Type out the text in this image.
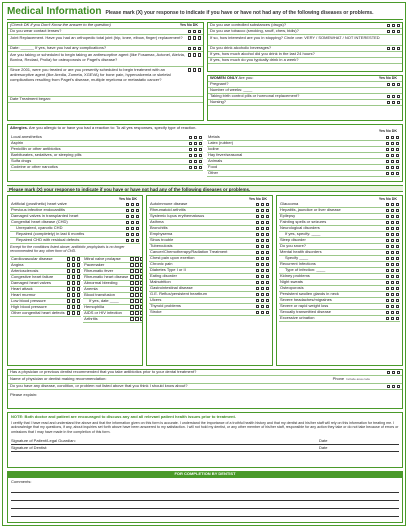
Medical Information Please mark (X) your response to indicate if you have or have not had any of the following diseases or problems.
(Check DK if you Don't Know the answer to the question)	Yes No DK
Do you wear contact lenses?
Joint Replacement. Have you had an orthopedic total joint (hip, knee, elbow, finger) replacement?
Date: ______ If yes, have you had any complications?
Are you taking or scheduled to begin taking an antiresorptive agent (like Fosamax, Actonel, Atelvia, Boniva, Reclast, Prolia) for osteoporosis or Paget's disease?
Since 2001, were you treated or are you presently scheduled to begin treatment with an antiresorptive agent (like Aredia, Zometa, XGEVA) for bone pain, hypercalcemia or skeletal complications resulting from Paget's disease, multiple myeloma or metastatic cancer?
Date Treatment began:
Do you use controlled substances (drugs)?
Do you use tobacco (smoking, snuff, chew, bidis)?
If so, how interested are you in stopping? Circle one: VERY / SOMEWHAT / NOT INTERESTED
Do you drink alcoholic beverages?
If yes, how much alcohol did you drink in the last 24 hours?
If yes, how much do you typically drink in a week?
WOMEN ONLY Are you:	Yes No DK
Pregnant?
Number of weeks: ____
Taking birth control pills or hormonal replacement?
Nursing?
Allergies. Are you allergic to or have you had a reaction to: To all yes responses, specify type of reaction.
Local anesthetics
Aspirin
Penicillin or other antibiotics
Barbiturates, sedatives, or sleeping pills
Sulfa drugs
Codeine or other narcotics
Yes No DK
Metals
Latex (rubber)
Iodine
Hay fever/seasonal
Animals
Food
Other
Please mark (X) your response to indicate if you have or have not had any of the following diseases or problems.
Yes No DK
Artificial (prosthetic) heart valve
Previous infective endocarditis
Damaged valves in transplanted heart
Congenital heart disease (CHD)
Unrepaired, cyanotic CHD
Repaired (completely) in last 6 months
Repaired CHD with residual defects
Except for the conditions listed above, antibiotic prophylaxis is no longer recommended for any other form of CHD.
Cardiovascular disease
Angina
Arteriosclerosis
Congestive heart failure
Damaged heart valves
Heart attack
Heart murmur
Low blood pressure
High blood pressure
Other congenital heart defects
Mitral valve prolapse
Pacemaker
Rheumatic fever
Rheumatic heart disease
Abnormal bleeding
Anemia
Blood transfusion
If yes, date ____
Hemophilia
AIDS or HIV infection
Arthritis
Yes No DK
Autoimmune disease
Rheumatoid arthritis
Systemic lupus erythematosus
Asthma
Bronchitis
Emphysema
Sinus trouble
Tuberculosis
Cancer/Chemotherapy/Radiation Treatment
Chest pain upon exertion
Chronic pain
Diabetes Type I or II
Eating disorder
Malnutrition
Gastrointestinal disease
G.E. Reflux/persistent heartburn
Ulcers
Thyroid problems
Stroke
Yes No DK
Glaucoma
Hepatitis, jaundice or liver disease
Epilepsy
Fainting spells or seizures
Neurological disorders
If yes, specify: ____
Sleep disorder
Do you snore?
Mental health disorders
Specify ____
Recurrent Infections
Type of infection: ____
Kidney problems
Night sweats
Osteoporosis
Persistent swollen glands in neck
Severe headaches/migraines
Severe or rapid weight loss
Sexually transmitted disease
Excessive urination
Has a physician or previous dentist recommended that you take antibiotics prior to your dental treatment?
Name of physician or dentist making recommendation:	Phone Include area code
Do you have any disease, condition, or problem not listed above that you think I should know about?
Please explain:
NOTE: Both doctor and patient are encouraged to discuss any and all relevant patient health issues prior to treatment.
I certify that I have read and understand the above and that the information given on this form is accurate. I understand the importance of a truthful health history and that my dentist and his/her staff will rely on this information for treating me. I acknowledge that my questions, if any, about inquiries set forth above have been answered to my satisfaction. I will not hold my dentist, or any other member of his/her staff, responsible for any action they take or do not take because of errors or omissions that I may have made in the completion of this form.
Signature of Patient/Legal Guardian:	Date
Signature of Dentist:	Date
FOR COMPLETION BY DENTIST
Comments:
